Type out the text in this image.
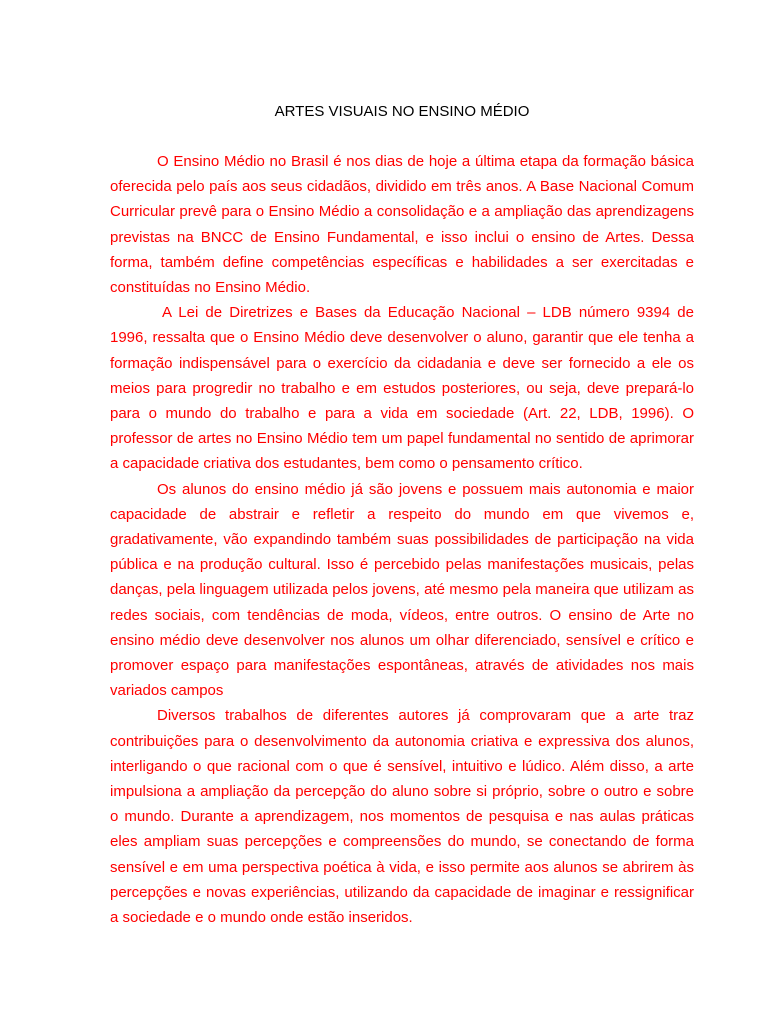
ARTES VISUAIS NO ENSINO MÉDIO

O Ensino Médio no Brasil é nos dias de hoje a última etapa da formação básica oferecida pelo país aos seus cidadãos, dividido em três anos. A Base Nacional Comum Curricular prevê para o Ensino Médio a consolidação e a ampliação das aprendizagens previstas na BNCC de Ensino Fundamental, e isso inclui o ensino de Artes. Dessa forma, também define competências específicas e habilidades a ser exercitadas e constituídas no Ensino Médio.

A Lei de Diretrizes e Bases da Educação Nacional – LDB número 9394 de 1996, ressalta que o Ensino Médio deve desenvolver o aluno, garantir que ele tenha a formação indispensável para o exercício da cidadania e deve ser fornecido a ele os meios para progredir no trabalho e em estudos posteriores, ou seja, deve prepará-lo para o mundo do trabalho e para a vida em sociedade (Art. 22, LDB, 1996). O professor de artes no Ensino Médio tem um papel fundamental no sentido de aprimorar a capacidade criativa dos estudantes, bem como o pensamento crítico.

Os alunos do ensino médio já são jovens e possuem mais autonomia e maior capacidade de abstrair e refletir a respeito do mundo em que vivemos e, gradativamente, vão expandindo também suas possibilidades de participação na vida pública e na produção cultural. Isso é percebido pelas manifestações musicais, pelas danças, pela linguagem utilizada pelos jovens, até mesmo pela maneira que utilizam as redes sociais, com tendências de moda, vídeos, entre outros. O ensino de Arte no ensino médio deve desenvolver nos alunos um olhar diferenciado, sensível e crítico e promover espaço para manifestações espontâneas, através de atividades nos mais variados campos

Diversos trabalhos de diferentes autores já comprovaram que a arte traz contribuições para o desenvolvimento da autonomia criativa e expressiva dos alunos, interligando o que racional com o que é sensível, intuitivo e lúdico. Além disso, a arte impulsiona a ampliação da percepção do aluno sobre si próprio, sobre o outro e sobre o mundo. Durante a aprendizagem, nos momentos de pesquisa e nas aulas práticas eles ampliam suas percepções e compreensões do mundo, se conectando de forma sensível e em uma perspectiva poética à vida, e isso permite aos alunos se abrirem às percepções e novas experiências, utilizando da capacidade de imaginar e ressignificar a sociedade e o mundo onde estão inseridos.
